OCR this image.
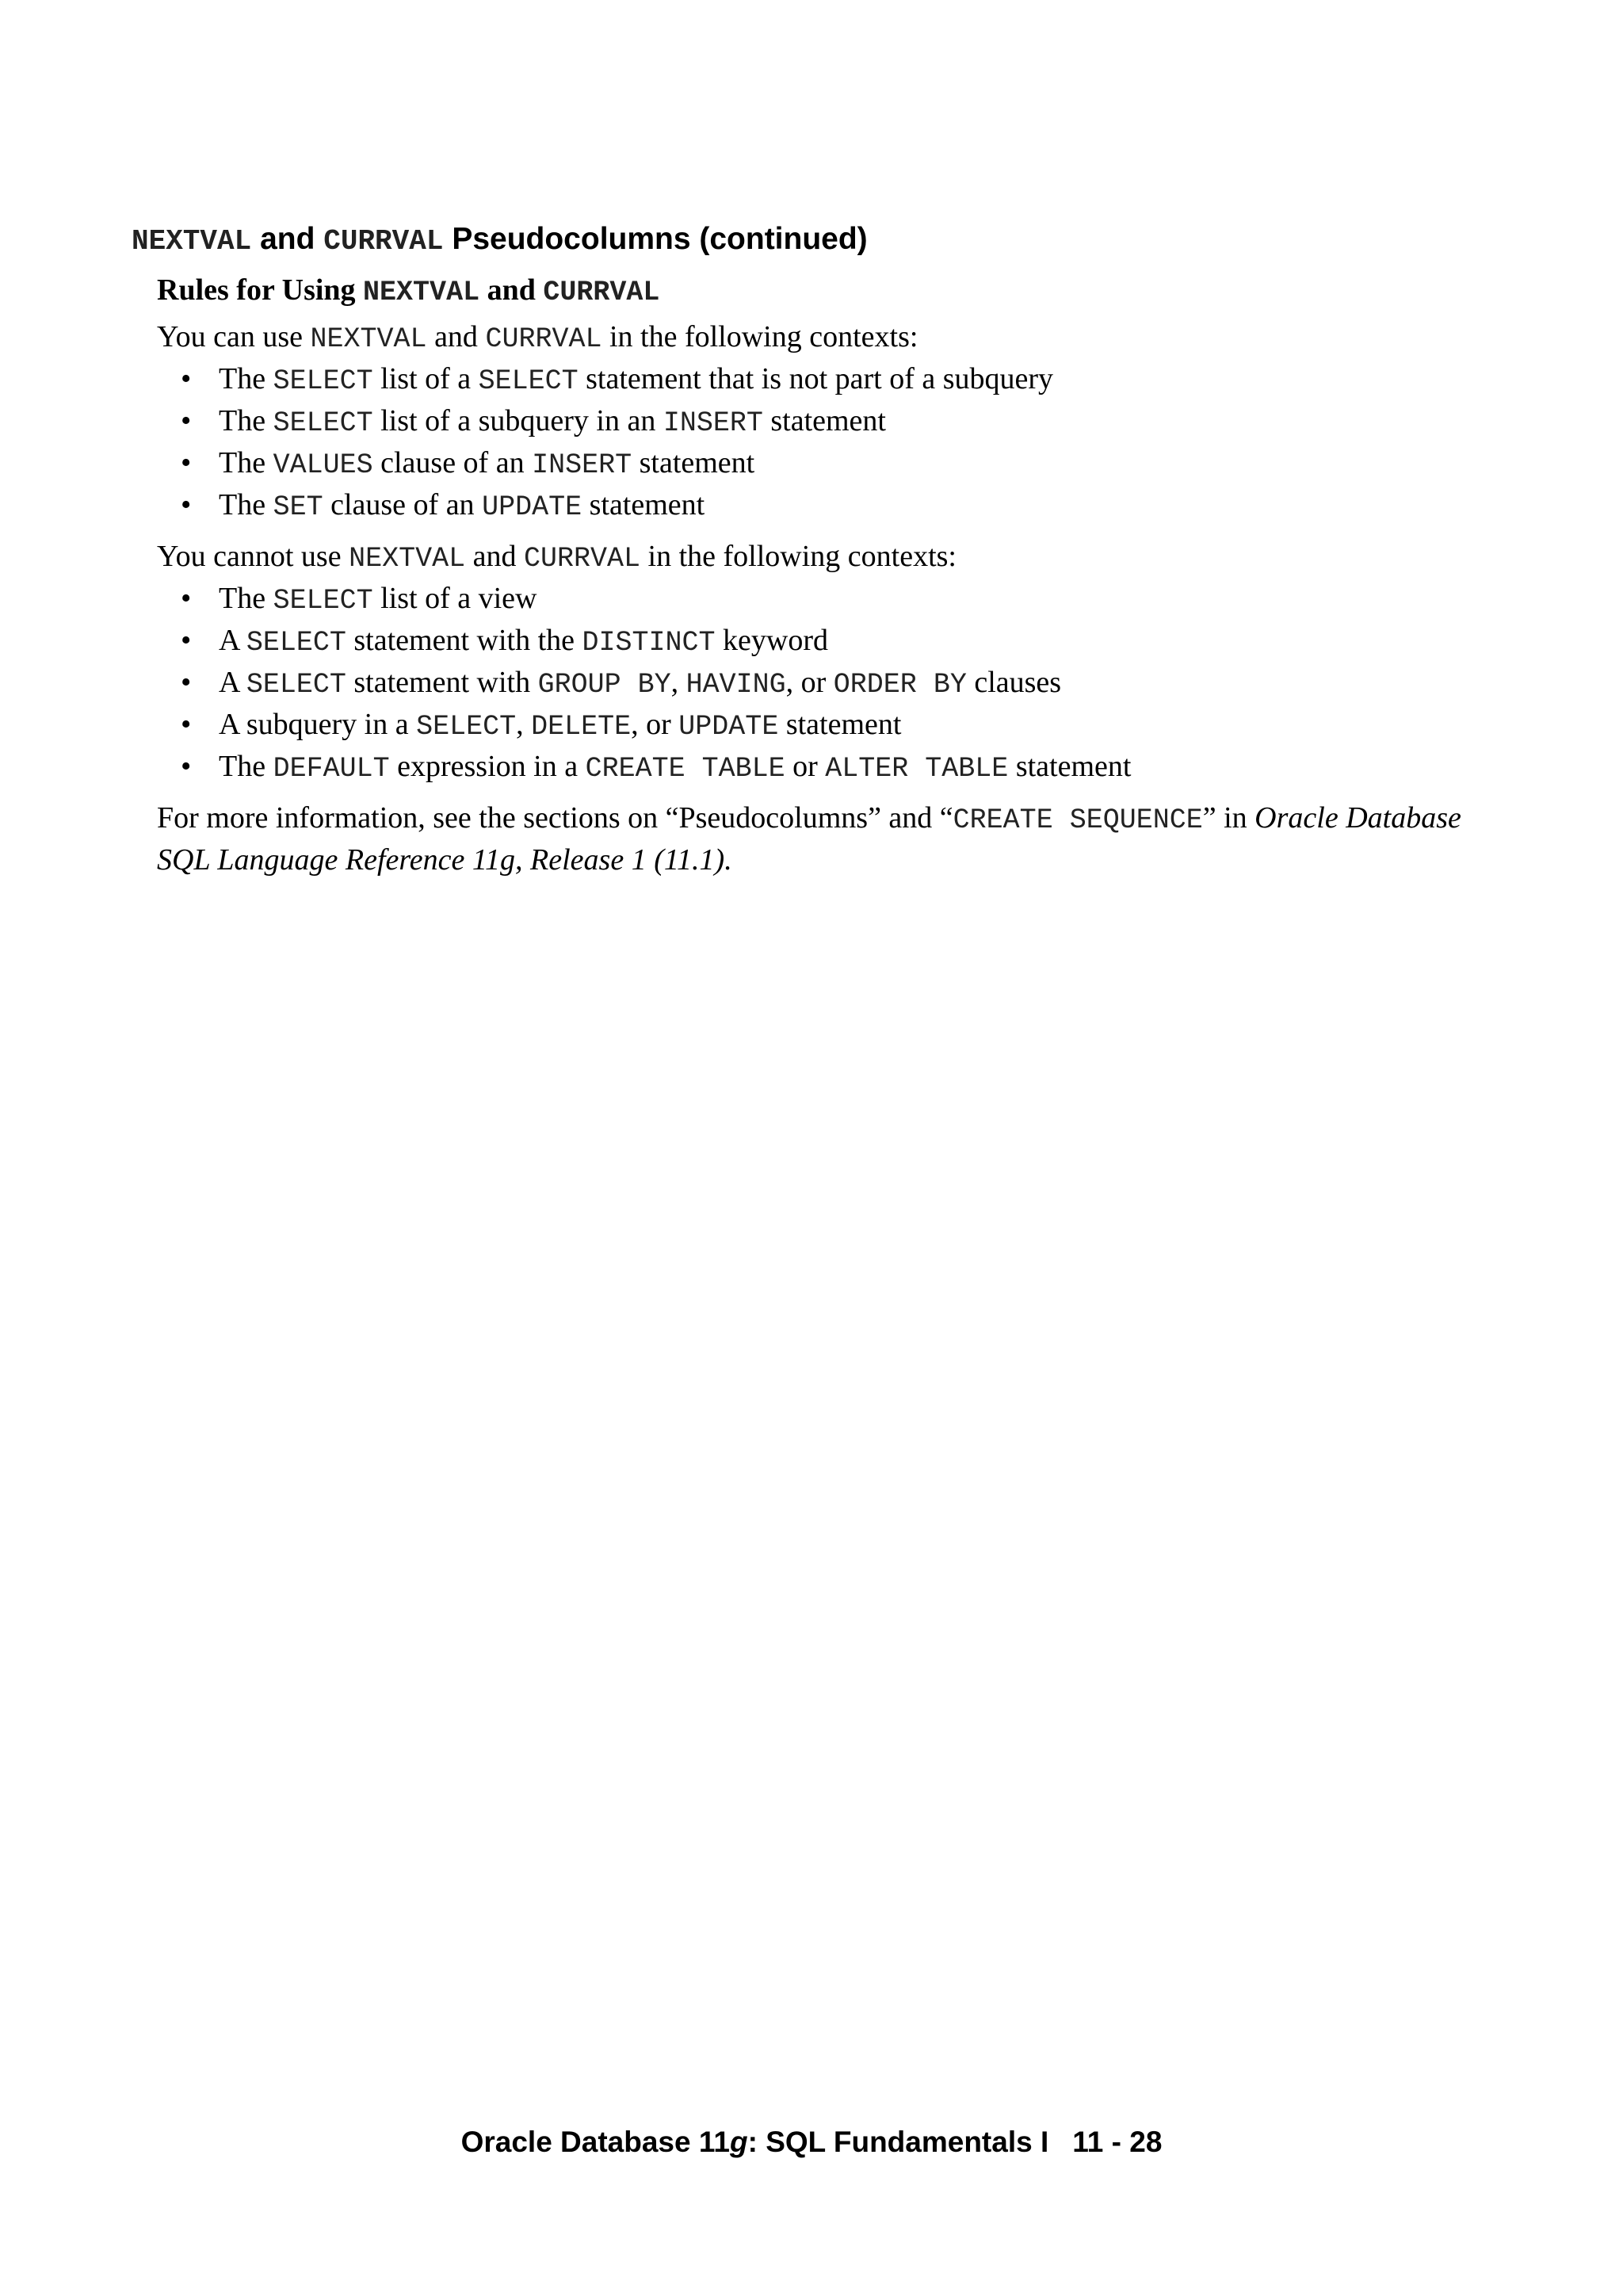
NEXTVAL and CURRVAL Pseudocolumns (continued)
Rules for Using NEXTVAL and CURRVAL

You can use NEXTVAL and CURRVAL in the following contexts:

• The SELECT list of a SELECT statement that is not part of a subquery
• The SELECT list of a subquery in an INSERT statement
• The VALUES clause of an INSERT statement
• The SET clause of an UPDATE statement

You cannot use NEXTVAL and CURRVAL in the following contexts:

• The SELECT list of a view
• A SELECT statement with the DISTINCT keyword
• A SELECT statement with GROUP BY, HAVING, or ORDER BY clauses
• A subquery in a SELECT, DELETE, or UPDATE statement
• The DEFAULT expression in a CREATE TABLE or ALTER TABLE statement

For more information, see the sections on “Pseudocolumns” and “CREATE SEQUENCE” in Oracle Database SQL Language Reference 11g, Release 1 (11.1).

Oracle Database 11g: SQL Fundamentals I 11 - 28
